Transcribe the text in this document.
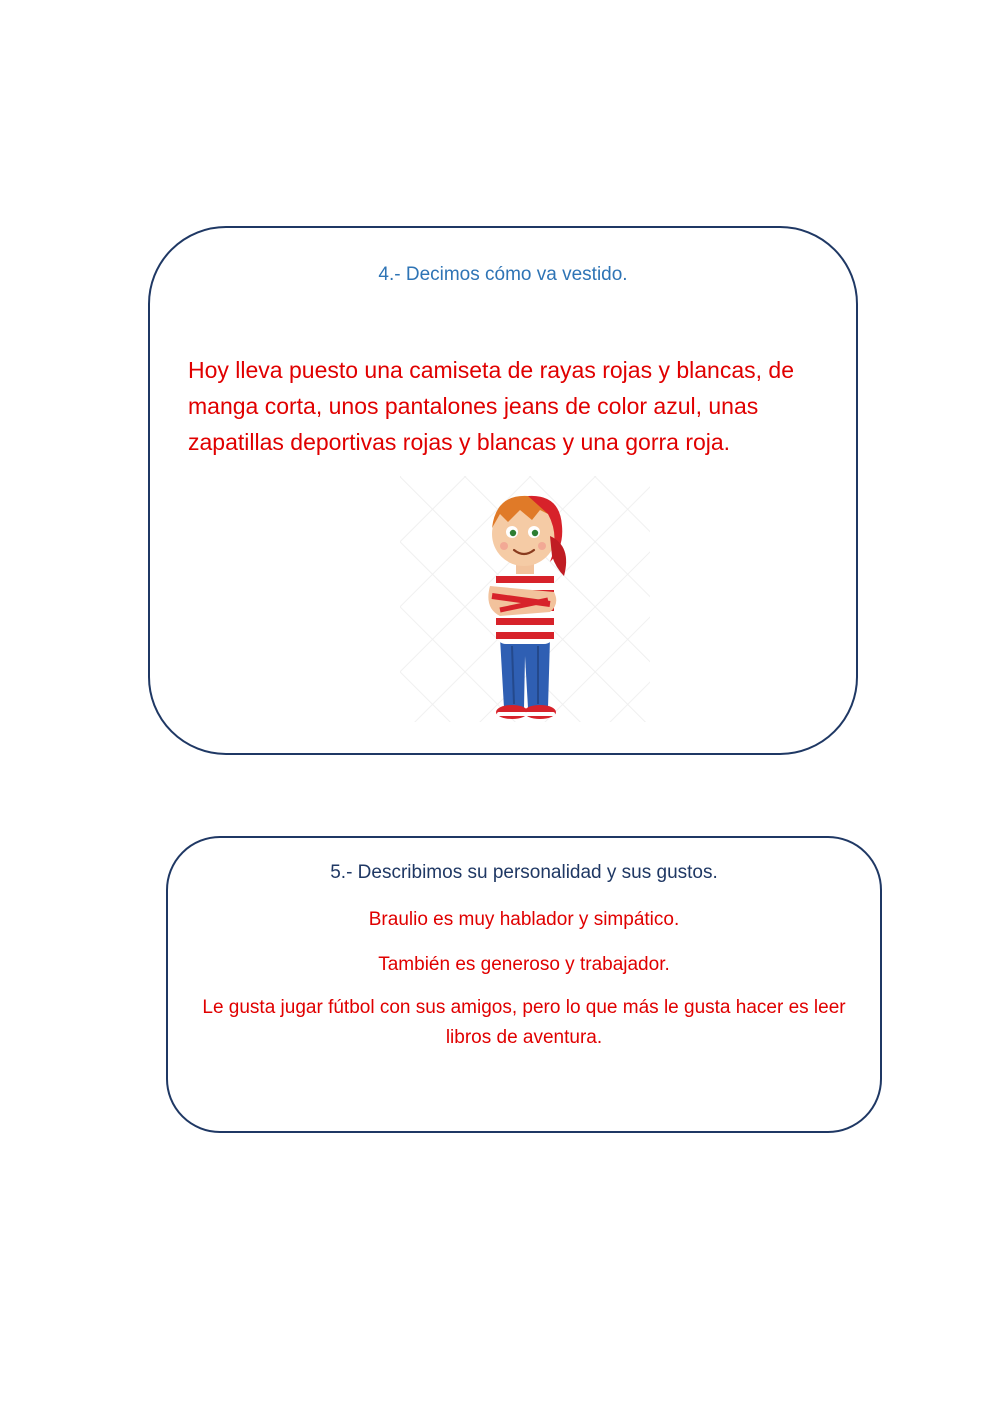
4.- Decimos cómo va vestido.

Hoy lleva puesto una camiseta de rayas rojas y blancas, de manga corta, unos pantalones jeans de color azul, unas zapatillas deportivas rojas y blancas y una gorra roja.

5.- Describimos su personalidad y sus gustos.

Braulio es muy hablador y simpático.

También es generoso y trabajador.

Le gusta jugar fútbol con sus amigos, pero lo que más le gusta hacer es leer libros de aventura.
